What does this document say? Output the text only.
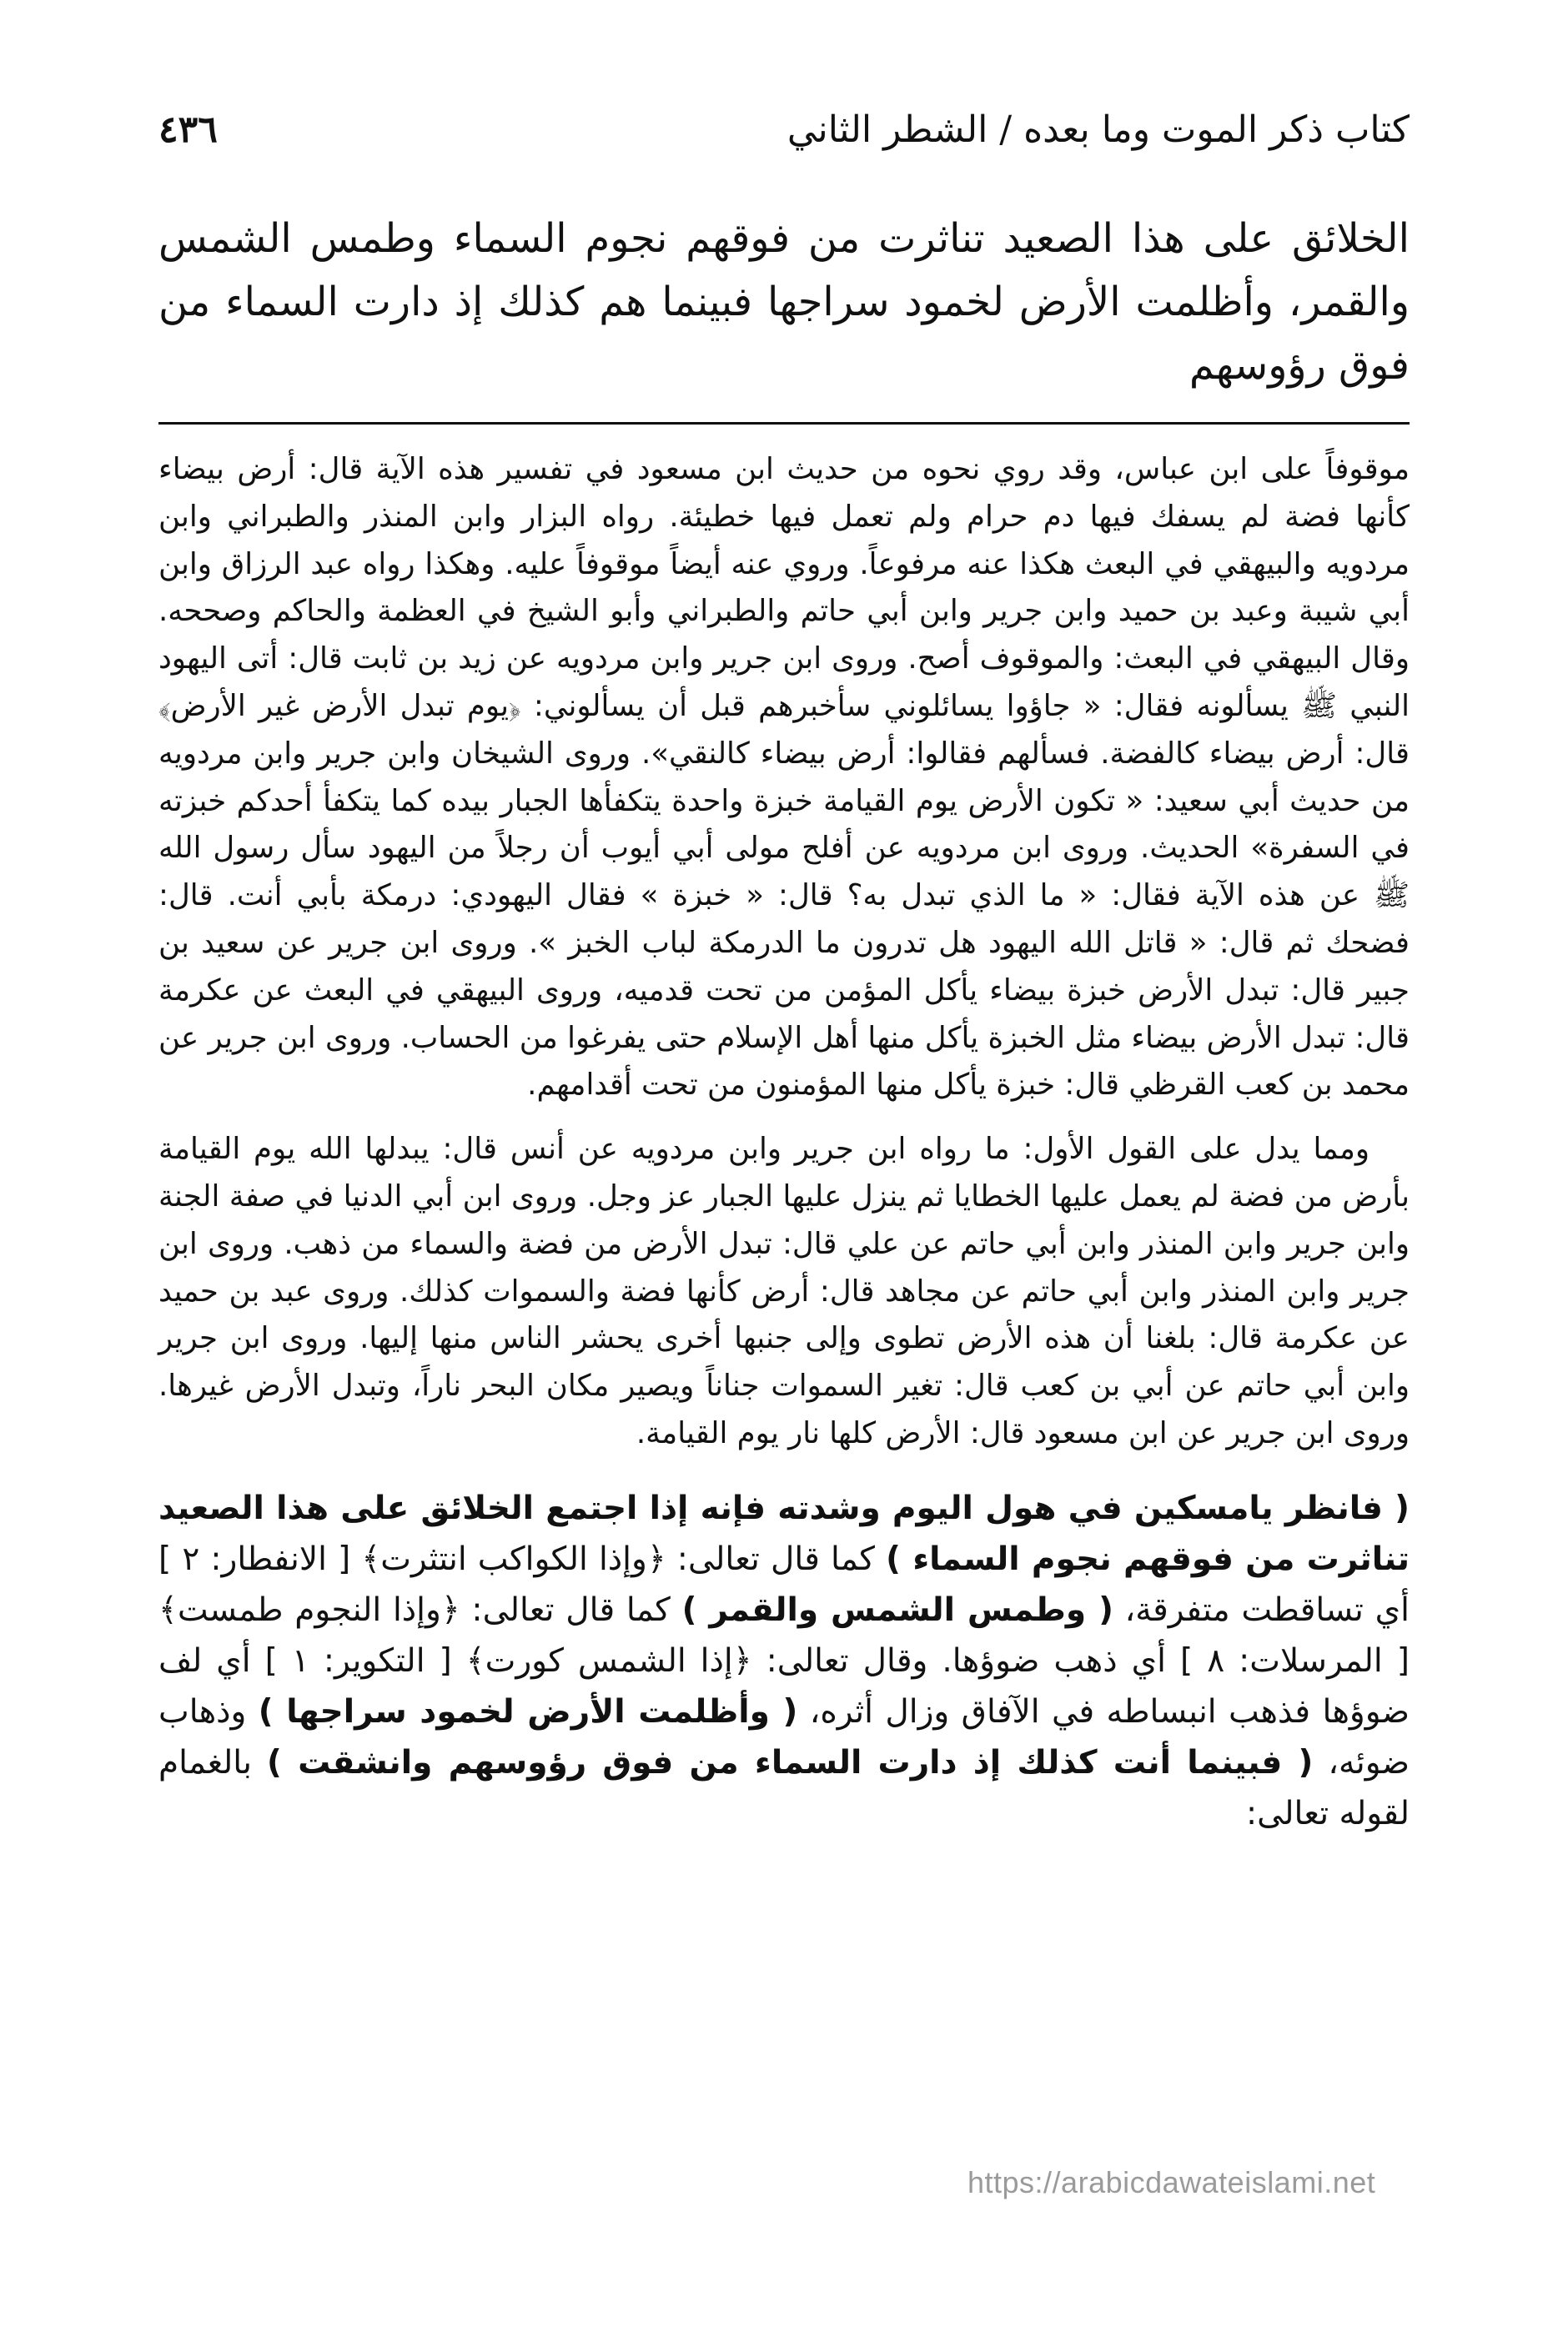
كتاب ذكر الموت وما بعده / الشطر الثاني
٤٣٦

الخلائق على هذا الصعيد تناثرت من فوقهم نجوم السماء وطمس الشمس والقمر، وأظلمت الأرض لخمود سراجها فبينما هم كذلك إذ دارت السماء من فوق رؤوسهم

موقوفاً على ابن عباس، وقد روي نحوه من حديث ابن مسعود في تفسير هذه الآية قال: أرض بيضاء كأنها فضة لم يسفك فيها دم حرام ولم تعمل فيها خطيئة. رواه البزار وابن المنذر والطبراني وابن مردويه والبيهقي في البعث هكذا عنه مرفوعاً. وروي عنه أيضاً موقوفاً عليه. وهكذا رواه عبد الرزاق وابن أبي شيبة وعبد بن حميد وابن جرير وابن أبي حاتم والطبراني وأبو الشيخ في العظمة والحاكم وصححه. وقال البيهقي في البعث: والموقوف أصح. وروى ابن جرير وابن مردويه عن زيد بن ثابت قال: أتى اليهود النبي ﷺ يسألونه فقال: « جاؤوا يسائلوني سأخبرهم قبل أن يسألوني: ﴿يوم تبدل الأرض غير الأرض﴾ قال: أرض بيضاء كالفضة. فسألهم فقالوا: أرض بيضاء كالنقي». وروى الشيخان وابن جرير وابن مردويه من حديث أبي سعيد: « تكون الأرض يوم القيامة خبزة واحدة يتكفأها الجبار بيده كما يتكفأ أحدكم خبزته في السفرة» الحديث. وروى ابن مردويه عن أفلح مولى أبي أيوب أن رجلاً من اليهود سأل رسول الله ﷺ عن هذه الآية فقال: « ما الذي تبدل به؟ قال: « خبزة » فقال اليهودي: درمكة بأبي أنت. قال: فضحك ثم قال: « قاتل الله اليهود هل تدرون ما الدرمكة لباب الخبز ». وروى ابن جرير عن سعيد بن جبير قال: تبدل الأرض خبزة بيضاء يأكل المؤمن من تحت قدميه، وروى البيهقي في البعث عن عكرمة قال: تبدل الأرض بيضاء مثل الخبزة يأكل منها أهل الإسلام حتى يفرغوا من الحساب. وروى ابن جرير عن محمد بن كعب القرظي قال: خبزة يأكل منها المؤمنون من تحت أقدامهم.

ومما يدل على القول الأول: ما رواه ابن جرير وابن مردويه عن أنس قال: يبدلها الله يوم القيامة بأرض من فضة لم يعمل عليها الخطايا ثم ينزل عليها الجبار عز وجل. وروى ابن أبي الدنيا في صفة الجنة وابن جرير وابن المنذر وابن أبي حاتم عن علي قال: تبدل الأرض من فضة والسماء من ذهب. وروى ابن جرير وابن المنذر وابن أبي حاتم عن مجاهد قال: أرض كأنها فضة والسموات كذلك. وروى عبد بن حميد عن عكرمة قال: بلغنا أن هذه الأرض تطوى وإلى جنبها أخرى يحشر الناس منها إليها. وروى ابن جرير وابن أبي حاتم عن أبي بن كعب قال: تغير السموات جناناً ويصير مكان البحر ناراً، وتبدل الأرض غيرها. وروى ابن جرير عن ابن مسعود قال: الأرض كلها نار يوم القيامة.

( فانظر يامسكين في هول اليوم وشدته فإنه إذا اجتمع الخلائق على هذا الصعيد تناثرت من فوقهم نجوم السماء ) كما قال تعالى: ﴿وإذا الكواكب انتثرت﴾ [ الانفطار: ٢ ] أي تساقطت متفرقة، ( وطمس الشمس والقمر ) كما قال تعالى: ﴿وإذا النجوم طمست﴾ [ المرسلات: ٨ ] أي ذهب ضوؤها. وقال تعالى: ﴿إذا الشمس كورت﴾ [ التكوير: ١ ] أي لف ضوؤها فذهب انبساطه في الآفاق وزال أثره، ( وأظلمت الأرض لخمود سراجها ) وذهاب ضوئه، ( فبينما أنت كذلك إذ دارت السماء من فوق رؤوسهم وانشقت ) بالغمام لقوله تعالى:

https://arabicdawateislami.net
